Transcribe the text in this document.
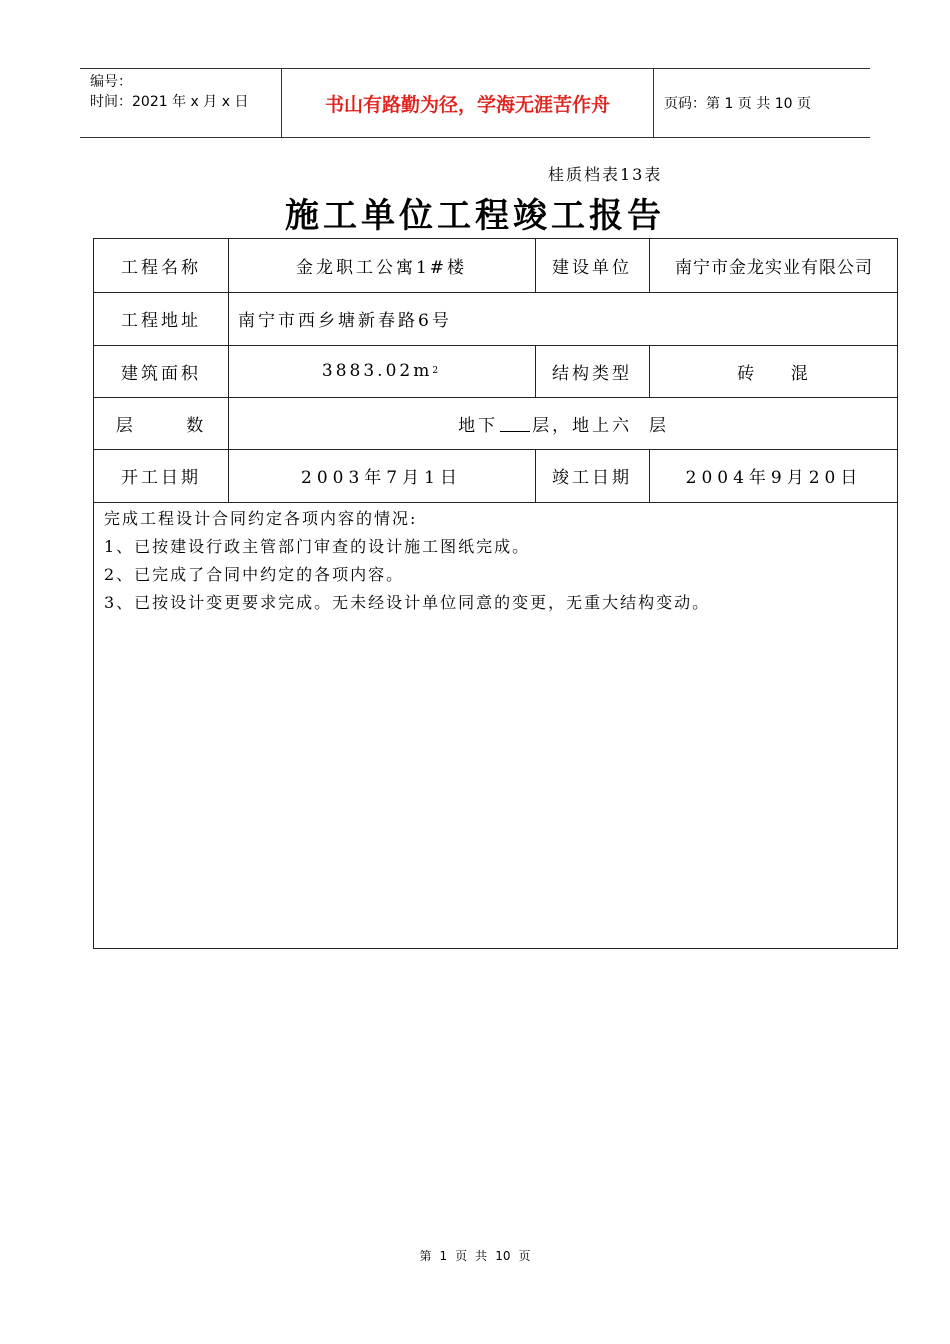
编号：
时间：2021 年 x 月 x 日	书山有路勤为径，学海无涯苦作舟	页码：第 1 页 共 10 页
桂质档表13表
施工单位工程竣工报告
工程名称	金龙职工公寓1#楼	建设单位	南宁市金龙实业有限公司
工程地址	南宁市西乡塘新春路6号
建筑面积	3883.02m 2	结构类型	砖    混
层      数	地下 层，地上六  层
开工日期	2003年7月1日	竣工日期	2004年9月20日
完成工程设计合同约定各项内容的情况:
1、已按建设行政主管部门审查的设计施工图纸完成。
2、已完成了合同中约定的各项内容。
3、已按设计变更要求完成。无未经设计单位同意的变更，无重大结构变动。
第 1 页 共 10 页
